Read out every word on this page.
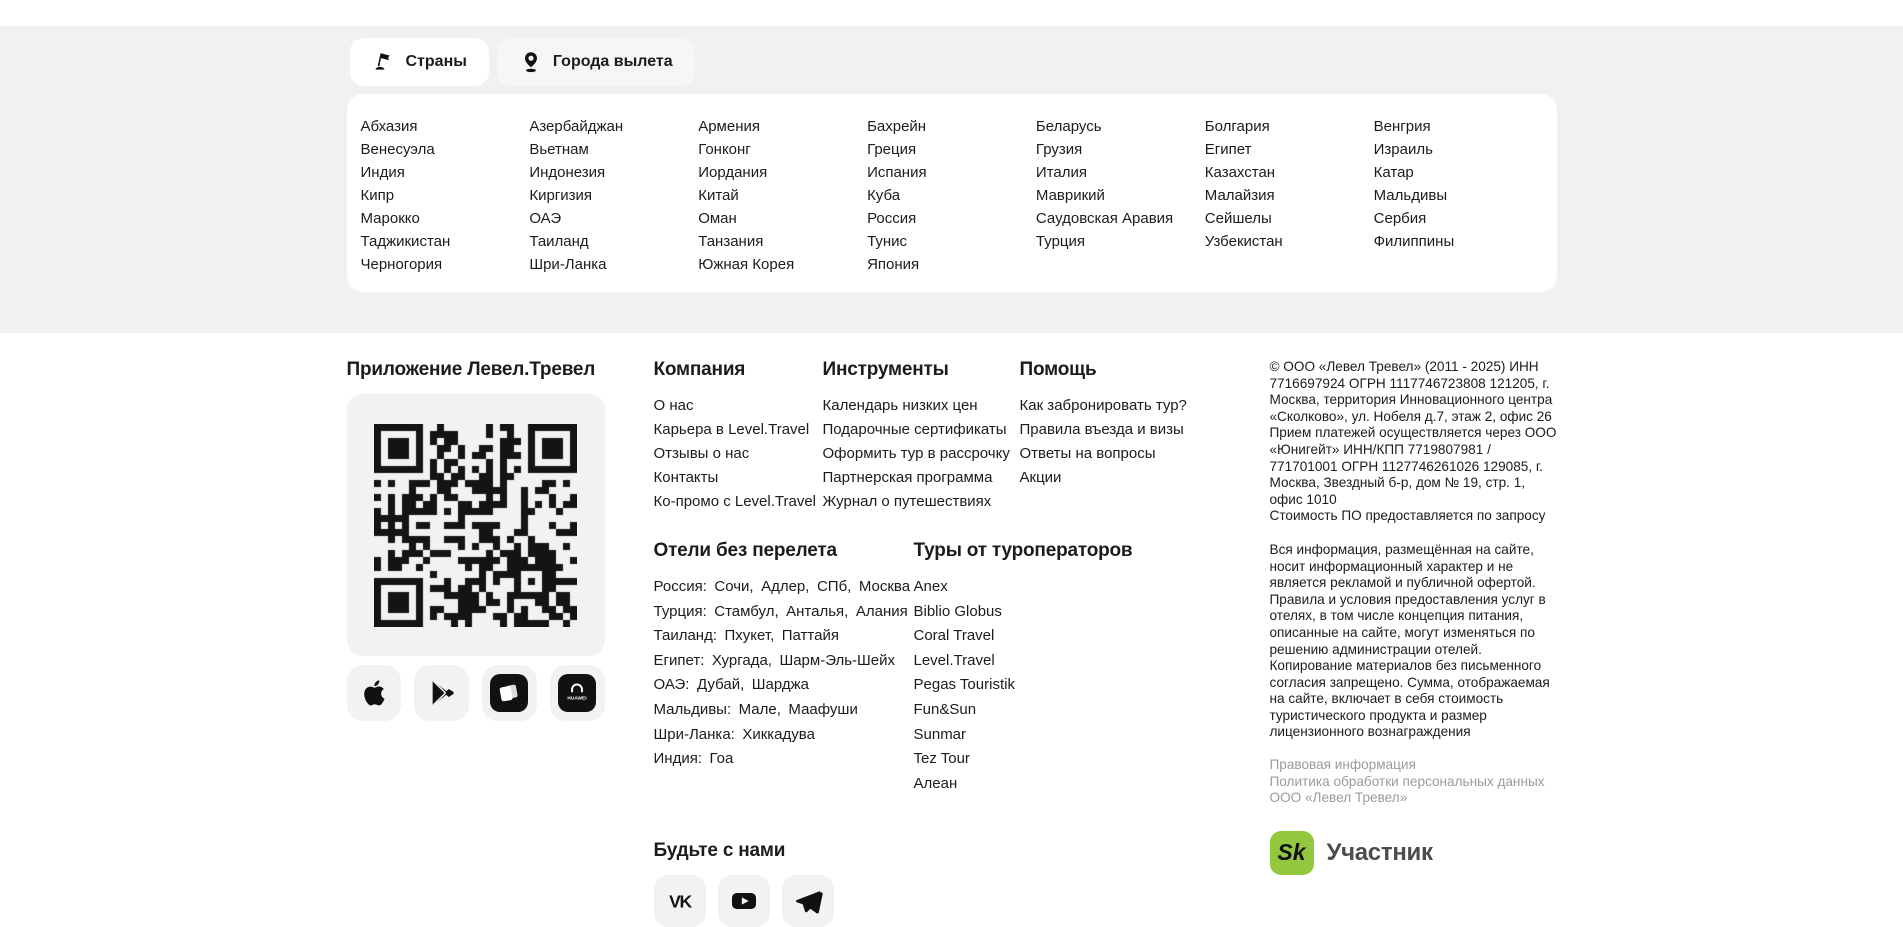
Страны	Города вылета
Абхазия
Венесуэла
Индия
Кипр
Марокко
Таджикистан
Черногория
Азербайджан
Вьетнам
Индонезия
Киргизия
ОАЭ
Таиланд
Шри-Ланка
Армения
Гонконг
Иордания
Китай
Оман
Танзания
Южная Корея
Бахрейн
Греция
Испания
Куба
Россия
Тунис
Япония
Беларусь
Грузия
Италия
Маврикий
Саудовская Аравия
Турция
Болгария
Египет
Казахстан
Малайзия
Сейшелы
Узбекистан
Венгрия
Израиль
Катар
Мальдивы
Сербия
Филиппины
Приложение Левел.Тревел
HUAWEI
Компания
О нас
Карьера в Level.Travel
Отзывы о нас
Контакты
Ко-промо с Level.Travel
Инструменты
Календарь низких цен
Подарочные сертификаты
Оформить тур в рассрочку
Партнерская программа
Журнал о путешествиях
Помощь
Как забронировать тур?
Правила въезда и визы
Ответы на вопросы
Акции
Отели без перелета
Россия:  Сочи,  Адлер,  СПб,  Москва
Турция:  Стамбул,  Анталья,  Алания
Таиланд:  Пхукет,  Паттайя
Египет:  Хургада,  Шарм-Эль-Шейх
ОАЭ:  Дубай,  Шарджа
Мальдивы:  Мале,  Маафуши
Шри-Ланка:  Хиккадува
Индия:  Гоа
Туры от туроператоров
Anex
Biblio Globus
Coral Travel
Level.Travel
Pegas Touristik
Fun&Sun
Sunmar
Tez Tour
Алеан
Будьте с нами
VK

© ООО «Левел Тревел» (2011 - 2025) ИНН 7716697924 ОГРН 1117746723808 121205, г. Москва, территория Инновационного центра «Сколково», ул. Нобеля д.7, этаж 2, офис 26

Прием платежей осуществляется через ООО «Юнигейт» ИНН/КПП 7719807981 / 771701001 ОГРН 1127746261026 129085, г. Москва, Звездный б-р, дом № 19, стр. 1, офис 1010

Стоимость ПО предоставляется по запросу

Вся информация, размещённая на сайте, носит информационный характер и не является рекламой и публичной офертой. Правила и условия предоставления услуг в отелях, в том числе концепция питания, описанные на сайте, могут изменяться по решению администрации отелей. Копирование материалов без письменного согласия запрещено. Сумма, отображаемая на сайте, включает в себя стоимость туристического продукта и размер лицензионного вознаграждения

Правовая информация
Политика обработки персональных данных ООО «Левел Тревел»
Sk Участник
